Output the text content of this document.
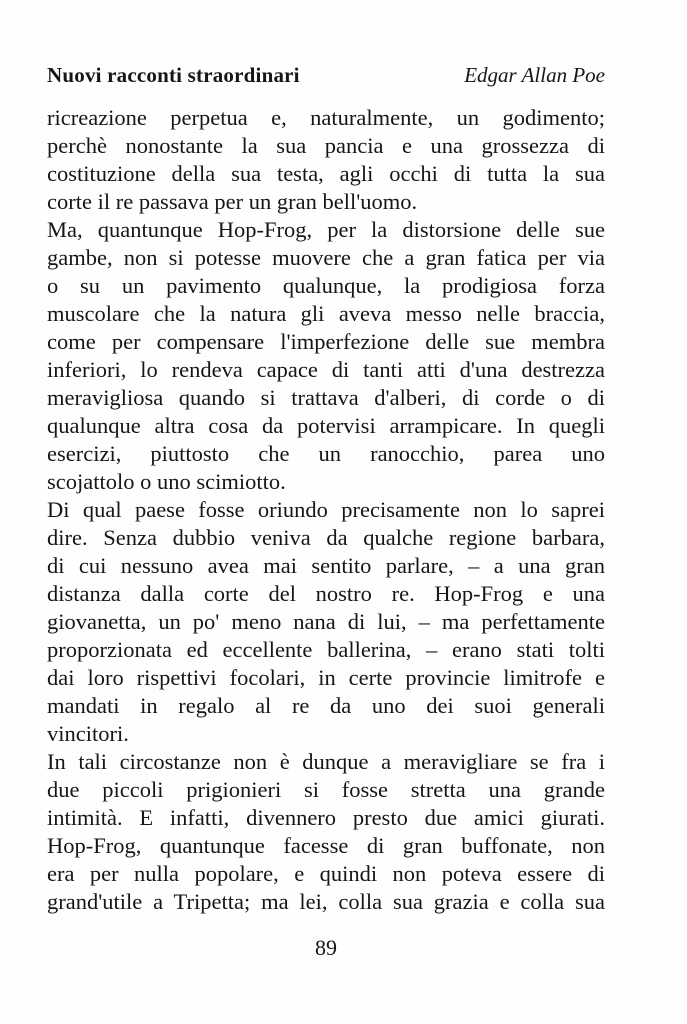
Nuovi racconti straordinari	Edgar Allan Poe
ricreazione perpetua e, naturalmente, un godimento;
perchè nonostante la sua pancia e una grossezza di
costituzione della sua testa, agli occhi di tutta la sua
corte il re passava per un gran bell'uomo.
Ma, quantunque Hop-Frog, per la distorsione delle sue
gambe, non si potesse muovere che a gran fatica per via
o su un pavimento qualunque, la prodigiosa forza
muscolare che la natura gli aveva messo nelle braccia,
come per compensare l'imperfezione delle sue membra
inferiori, lo rendeva capace di tanti atti d'una destrezza
meravigliosa quando si trattava d'alberi, di corde o di
qualunque altra cosa da potervisi arrampicare. In quegli
esercizi, piuttosto che un ranocchio, parea uno
scojattolo o uno scimiotto.
Di qual paese fosse oriundo precisamente non lo saprei
dire. Senza dubbio veniva da qualche regione barbara,
di cui nessuno avea mai sentito parlare, – a una gran
distanza dalla corte del nostro re. Hop-Frog e una
giovanetta, un po' meno nana di lui, – ma perfettamente
proporzionata ed eccellente ballerina, – erano stati tolti
dai loro rispettivi focolari, in certe provincie limitrofe e
mandati in regalo al re da uno dei suoi generali
vincitori.
In tali circostanze non è dunque a meravigliare se fra i
due piccoli prigionieri si fosse stretta una grande
intimità. E infatti, divennero presto due amici giurati.
Hop-Frog, quantunque facesse di gran buffonate, non
era per nulla popolare, e quindi non poteva essere di
grand'utile a Tripetta; ma lei, colla sua grazia e colla sua
89
